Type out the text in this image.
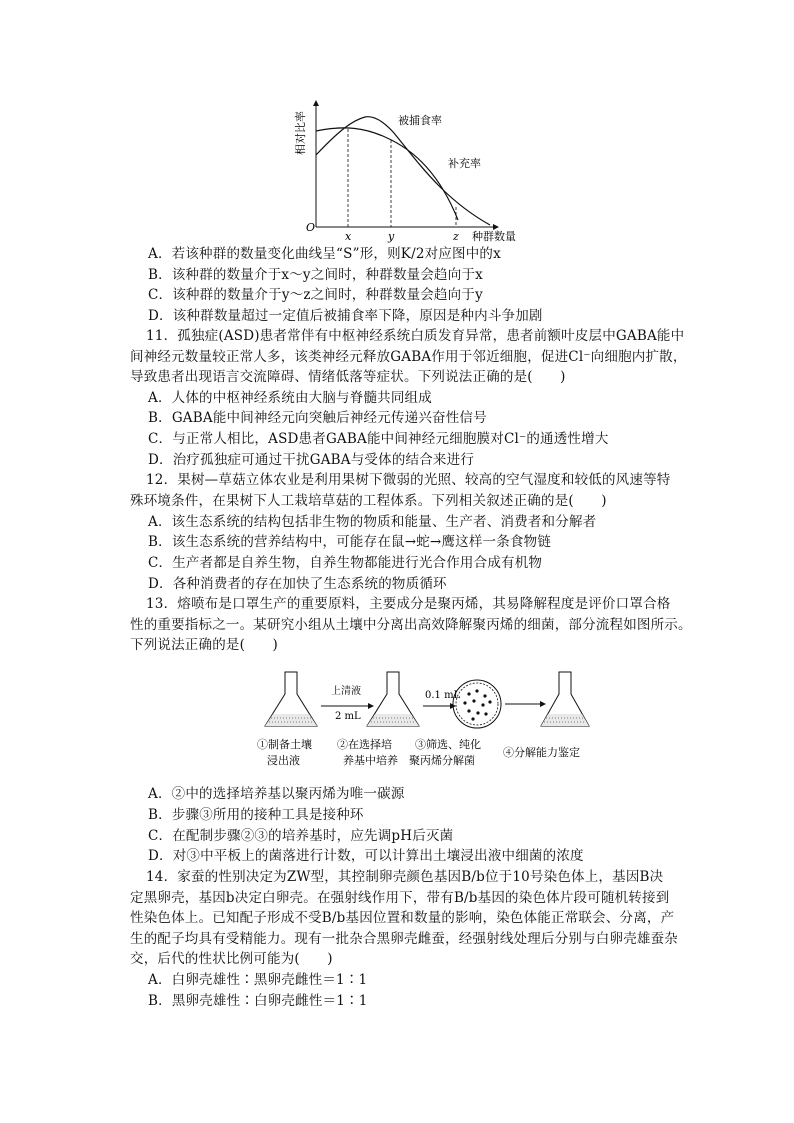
相对比率
种群数量
O
x	y	z
被捕食率
补充率
A．若该种群的数量变化曲线呈“S”形，则K/2对应图中的x
B．该种群的数量介于x～y之间时，种群数量会趋向于x
C．该种群的数量介于y～z之间时，种群数量会趋向于y
D．该种群数量超过一定值后被捕食率下降，原因是种内斗争加剧
11．孤独症(ASD)患者常伴有中枢神经系统白质发育异常，患者前额叶皮层中GABA能中
间神经元数量较正常人多，该类神经元释放GABA作用于邻近细胞，促进Cl⁻向细胞内扩散，
导致患者出现语言交流障碍、情绪低落等症状。下列说法正确的是(　　)
A．人体的中枢神经系统由大脑与脊髓共同组成
B．GABA能中间神经元向突触后神经元传递兴奋性信号
C．与正常人相比，ASD患者GABA能中间神经元细胞膜对Cl⁻的通透性增大
D．治疗孤独症可通过干扰GABA与受体的结合来进行
12．果树—草菇立体农业是利用果树下微弱的光照、较高的空气湿度和较低的风速等特
殊环境条件，在果树下人工栽培草菇的工程体系。下列相关叙述正确的是(　　)
A．该生态系统的结构包括非生物的物质和能量、生产者、消费者和分解者
B．该生态系统的营养结构中，可能存在鼠→蛇→鹰这样一条食物链
C．生产者都是自养生物，自养生物都能进行光合作用合成有机物
D．各种消费者的存在加快了生态系统的物质循环
13．熔喷布是口罩生产的重要原料，主要成分是聚丙烯，其易降解程度是评价口罩合格
性的重要指标之一。某研究小组从土壤中分离出高效降解聚丙烯的细菌，部分流程如图所示。
下列说法正确的是(　　)
上清液
2 mL
0.1 mL
①制备土壤
浸出液
②在选择培
养基中培养
③筛选、纯化
聚丙烯分解菌
④分解能力鉴定
A．②中的选择培养基以聚丙烯为唯一碳源
B．步骤③所用的接种工具是接种环
C．在配制步骤②③的培养基时，应先调pH后灭菌
D．对③中平板上的菌落进行计数，可以计算出土壤浸出液中细菌的浓度
14．家蚕的性别决定为ZW型，其控制卵壳颜色基因B/b位于10号染色体上，基因B决
定黑卵壳，基因b决定白卵壳。在强射线作用下，带有B/b基因的染色体片段可随机转接到
性染色体上。已知配子形成不受B/b基因位置和数量的影响，染色体能正常联会、分离，产
生的配子均具有受精能力。现有一批杂合黑卵壳雌蚕，经强射线处理后分别与白卵壳雄蚕杂
交，后代的性状比例可能为(　　)
A．白卵壳雄性∶黑卵壳雌性＝1∶1
B．黑卵壳雄性∶白卵壳雌性＝1∶1
